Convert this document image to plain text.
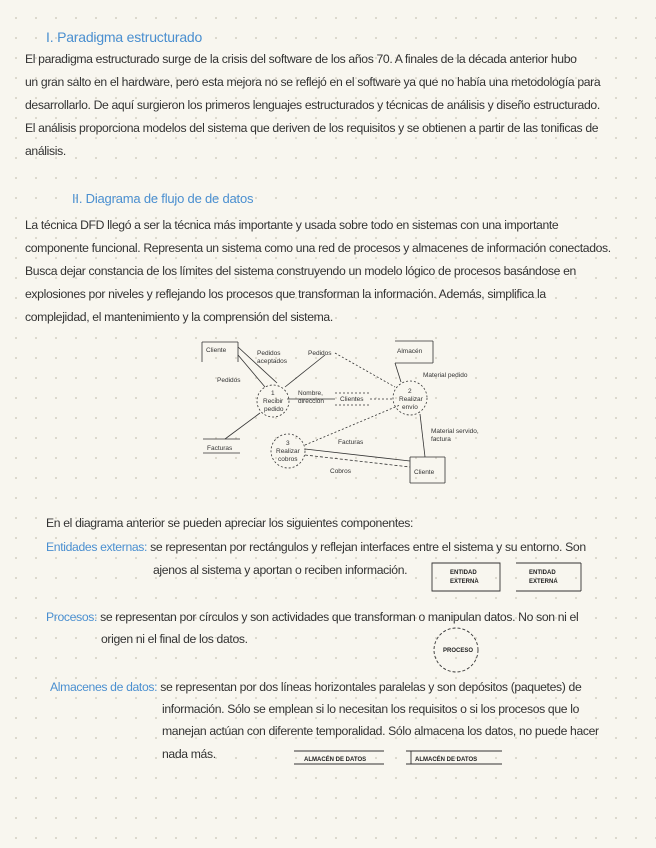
I. Paradigma estructurado
El paradigma estructurado surge de la crisis del software de los años 70. A finales de la década anterior hubo
un gran salto en el hardware, pero esta mejora no se reflejó en el software ya que no había una metodología para
desarrollarlo. De aquí surgieron los primeros lenguajes estructurados y técnicas de análisis y diseño estructurado.
El análisis proporciona modelos del sistema que deriven de los requisitos y se obtienen a partir de las tonificas de
análisis.
II. Diagrama de flujo de de datos
La técnica DFD llegó a ser la técnica más importante y usada sobre todo en sistemas con una importante
componente funcional. Representa un sistema como una red de procesos y almacenes de información conectados.
Busca dejar constancia de los límites del sistema construyendo un modelo lógico de procesos basándose en
explosiones por niveles y reflejando los procesos que transforman la información. Además, simplifica la
complejidad, el mantenimiento y la comprensión del sistema.
Cliente	Almacén
Cliente
Facturas
Pedidos
aceptados
Pedidos
Pedidos
Nombre,
dirección Clientes
Material pedido
Material servido,
factura
Facturas
Cobros
1
Recibir
pedido
2
Realizar
envío
3
Realizar
cobros
En el diagrama anterior se pueden apreciar los siguientes componentes:
Entidades externas: se representan por rectángulos y reflejan interfaces entre el sistema y su entorno. Son
ajenos al sistema y aportan o reciben información.	ENTIDAD
EXTERNA
ENTIDAD
EXTERNA
Procesos: se representan por círculos y son actividades que transforman o manipulan datos. No son ni el
origen ni el final de los datos.
PROCESO
Almacenes de datos: se representan por dos líneas horizontales paralelas y son depósitos (paquetes) de
información. Sólo se emplean si lo necesitan los requisitos o si los procesos que lo
manejan actúan con diferente temporalidad. Sólo almacena los datos, no puede hacer
nada más.	ALMACÉN DE DATOS	ALMACÉN DE DATOS
